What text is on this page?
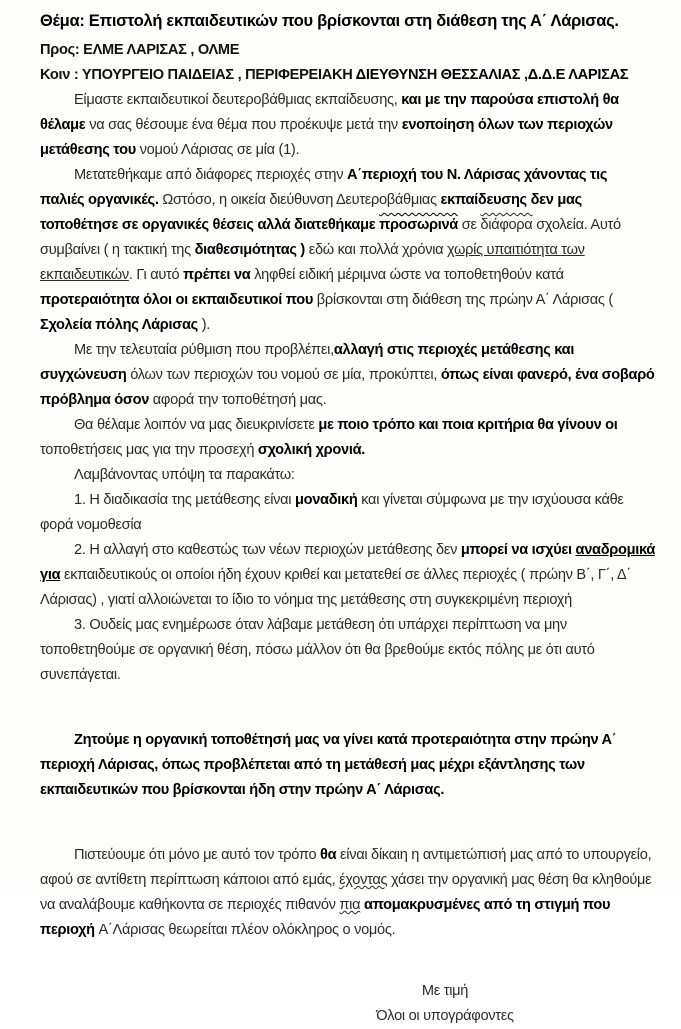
Θέμα: Επιστολή εκπαιδευτικών που βρίσκονται στη διάθεση της Α΄ Λάρισας.

Προς: ΕΛΜΕ ΛΑΡΙΣΑΣ , ΟΛΜΕ

Κοιν : ΥΠΟΥΡΓΕΙΟ ΠΑΙΔΕΙΑΣ , ΠΕΡΙΦΕΡΕΙΑΚΗ ΔΙΕΥΘΥΝΣΗ ΘΕΣΣΑΛΙΑΣ ,Δ.Δ.Ε ΛΑΡΙΣΑΣ

Είμαστε εκπαιδευτικοί δευτεροβάθμιας εκπαίδευσης, και με την παρούσα επιστολή θα θέλαμε να σας θέσουμε ένα θέμα που προέκυψε μετά την ενοποίηση όλων των περιοχών μετάθεσης του νομού Λάρισας σε μία (1).

Μετατεθήκαμε από διάφορες περιοχές στην Α΄περιοχή του Ν. Λάρισας χάνοντας τις παλιές οργανικές. Ωστόσο, η οικεία διεύθυνση Δευτεροβάθμιας εκπαίδευσης δεν μας τοποθέτησε σε οργανικές θέσεις αλλά διατεθήκαμε προσωρινά σε διάφορα σχολεία. Αυτό συμβαίνει ( η τακτική της διαθεσιμότητας ) εδώ και πολλά χρόνια χωρίς υπαιτιότητα των εκπαιδευτικών. Γι αυτό πρέπει να ληφθεί ειδική μέριμνα ώστε να τοποθετηθούν κατά προτεραιότητα όλοι οι εκπαιδευτικοί που βρίσκονται στη διάθεση της πρώην Α΄ Λάρισας ( Σχολεία πόλης Λάρισας ).

Με την τελευταία ρύθμιση που προβλέπει,αλλαγή στις περιοχές μετάθεσης και συγχώνευση όλων των περιοχών του νομού σε μία, προκύπτει, όπως είναι φανερό, ένα σοβαρό πρόβλημα όσον αφορά την τοποθέτησή μας.

Θα θέλαμε λοιπόν να μας διευκρινίσετε με ποιο τρόπο και ποια κριτήρια θα γίνουν οι τοποθετήσεις μας για την προσεχή σχολική χρονιά.

Λαμβάνοντας υπόψη τα παρακάτω:

1. Η διαδικασία της μετάθεσης είναι μοναδική και γίνεται σύμφωνα με την ισχύουσα κάθε φορά νομοθεσία

2. Η αλλαγή στο καθεστώς των νέων περιοχών μετάθεσης δεν μπορεί να ισχύει αναδρομικά για εκπαιδευτικούς οι οποίοι ήδη έχουν κριθεί και μετατεθεί σε άλλες περιοχές ( πρώην Β΄, Γ΄, Δ΄ Λάρισας) , γιατί αλλοιώνεται το ίδιο το νόημα της μετάθεσης στη συγκεκριμένη περιοχή

3. Ουδείς μας ενημέρωσε όταν λάβαμε μετάθεση ότι υπάρχει περίπτωση να μην τοποθετηθούμε σε οργανική θέση, πόσω μάλλον ότι θα βρεθούμε εκτός πόλης με ότι αυτό συνεπάγεται.

Ζητούμε η οργανική τοποθέτησή μας να γίνει κατά προτεραιότητα στην πρώην Α΄ περιοχή Λάρισας, όπως προβλέπεται από τη μετάθεσή μας μέχρι εξάντλησης των εκπαιδευτικών που βρίσκονται ήδη στην πρώην Α΄ Λάρισας.

Πιστεύουμε ότι μόνο με αυτό τον τρόπο θα είναι δίκαιη η αντιμετώπισή μας από το υπουργείο, αφού σε αντίθετη περίπτωση κάποιοι από εμάς, έχοντας χάσει την οργανική μας θέση θα κληθούμε να αναλάβουμε καθήκοντα σε περιοχές πιθανόν πια απομακρυσμένες από τη στιγμή που περιοχή Α΄Λάρισας θεωρείται πλέον ολόκληρος ο νομός.

Με τιμή
Όλοι οι υπογράφοντες
